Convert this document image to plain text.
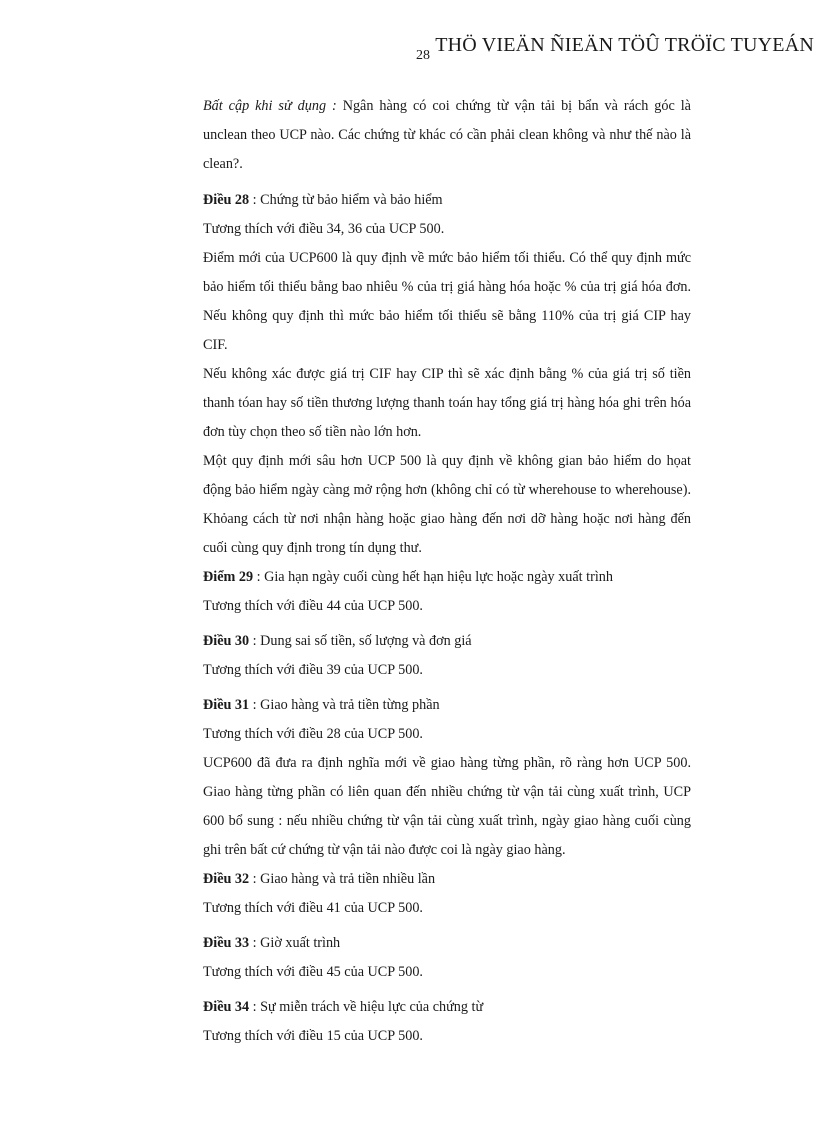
28 THÖ VIEÄN ÑIEÄN TÖÛ TRÖÏC TUYEÁN

Bất cập khi sử dụng : Ngân hàng có coi chứng từ vận tải bị bẩn và rách góc là unclean theo UCP nào. Các chứng từ khác có cần phải clean không và như thế nào là clean?.

Điều 28 : Chứng từ bảo hiểm và bảo hiểm

Tương thích với điều 34, 36 của UCP 500.

Điểm mới của UCP600 là quy định về mức bảo hiểm tối thiểu. Có thể quy định mức bảo hiểm tối thiểu bằng bao nhiêu % của trị giá hàng hóa hoặc % của trị giá hóa đơn. Nếu không quy định thì mức bảo hiểm tối thiểu sẽ bằng 110% của trị giá CIP hay CIF.

Nếu không xác được giá trị CIF hay CIP thì sẽ xác định bằng % của giá trị số tiền thanh tóan hay số tiền thương lượng thanh toán hay tổng giá trị hàng hóa ghi trên hóa đơn tùy chọn theo số tiền nào lớn hơn.

Một quy định mới sâu hơn UCP 500 là quy định về không gian bảo hiểm do họat động bảo hiểm ngày càng mở rộng hơn (không chỉ có từ wherehouse to wherehouse). Khỏang cách từ nơi nhận hàng hoặc giao hàng đến nơi dỡ hàng hoặc nơi hàng đến cuối cùng quy định trong tín dụng thư.

Điểm 29 : Gia hạn ngày cuối cùng hết hạn hiệu lực hoặc ngày xuất trình

Tương thích với điều 44 của UCP 500.

Điều 30 : Dung sai số tiền, số lượng và đơn giá

Tương thích với điều 39 của UCP 500.

Điều 31 : Giao hàng và trả tiền từng phần

Tương thích với điều 28 của UCP 500.

UCP600 đã đưa ra định nghĩa mới về giao hàng từng phần, rõ ràng hơn UCP 500. Giao hàng từng phần có liên quan đến nhiều chứng từ vận tải cùng xuất trình, UCP 600 bổ sung : nếu nhiều chứng từ vận tải cùng xuất trình, ngày giao hàng cuối cùng ghi trên bất cứ chứng từ vận tải nào được coi là ngày giao hàng.

Điều 32 : Giao hàng và trả tiền nhiều lần

Tương thích với điều 41 của UCP 500.

Điều 33 : Giờ xuất trình

Tương thích với điều 45 của UCP 500.

Điều 34 : Sự miễn trách về hiệu lực của chứng từ

Tương thích với điều 15 của UCP 500.
